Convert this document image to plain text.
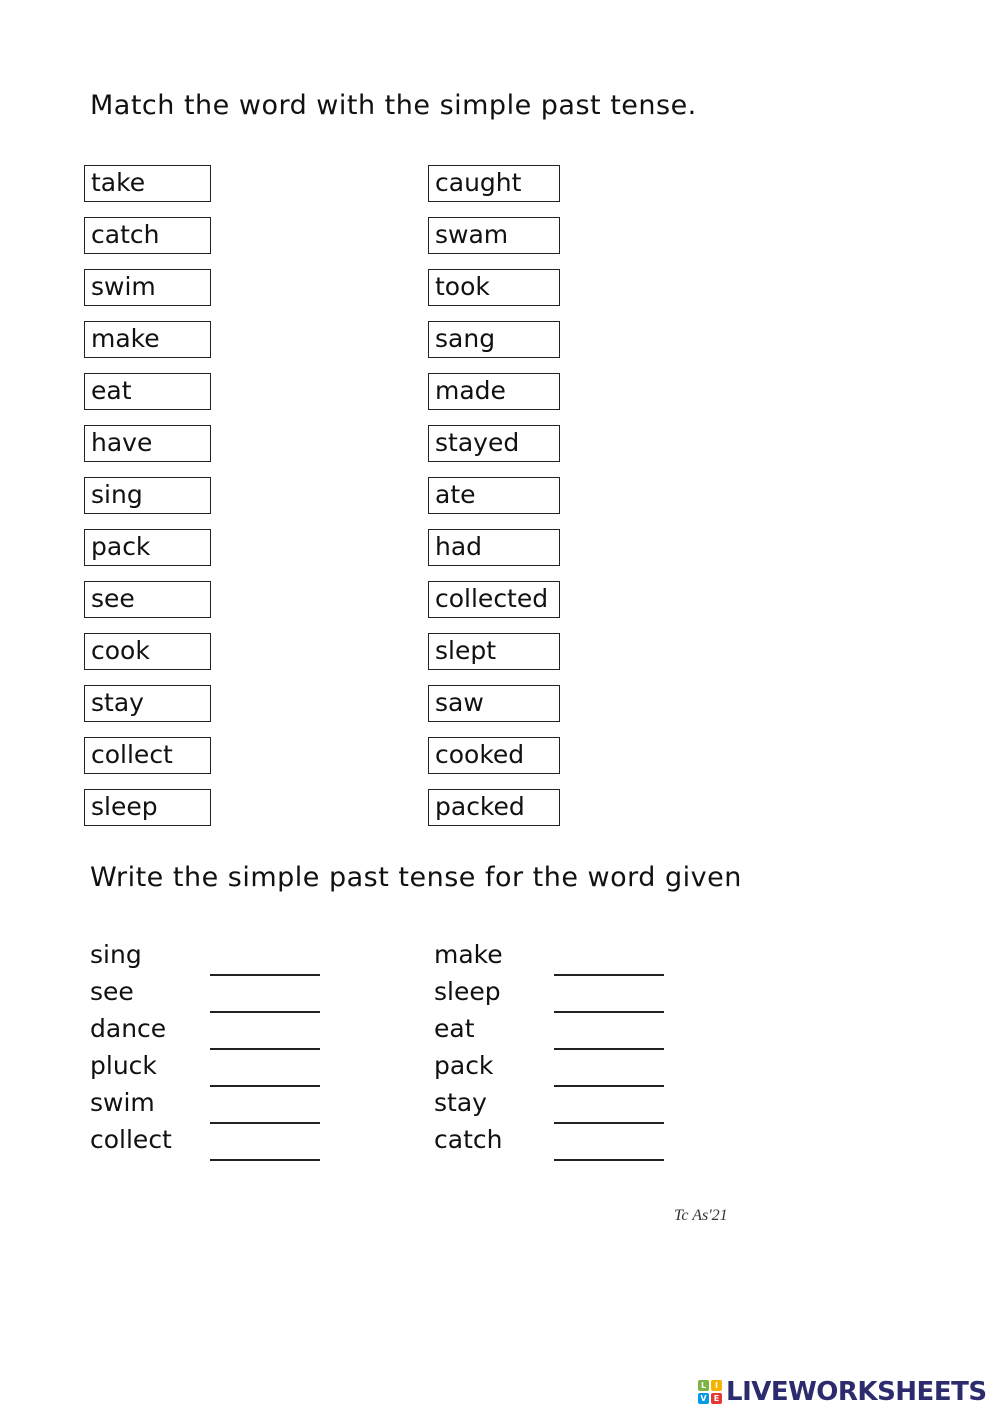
Match the word with the simple past tense.
take
catch
swim
make
eat
have
sing
pack
see
cook
stay
collect
sleep
caught
swam
took
sang
made
stayed
ate
had
collected
slept
saw
cooked
packed
Write the simple past tense for the word given
sing
see
dance
pluck
swim
collect
make
sleep
eat
pack
stay
catch
Tc As'21
L	I
V E LIVEWORKSHEETS
